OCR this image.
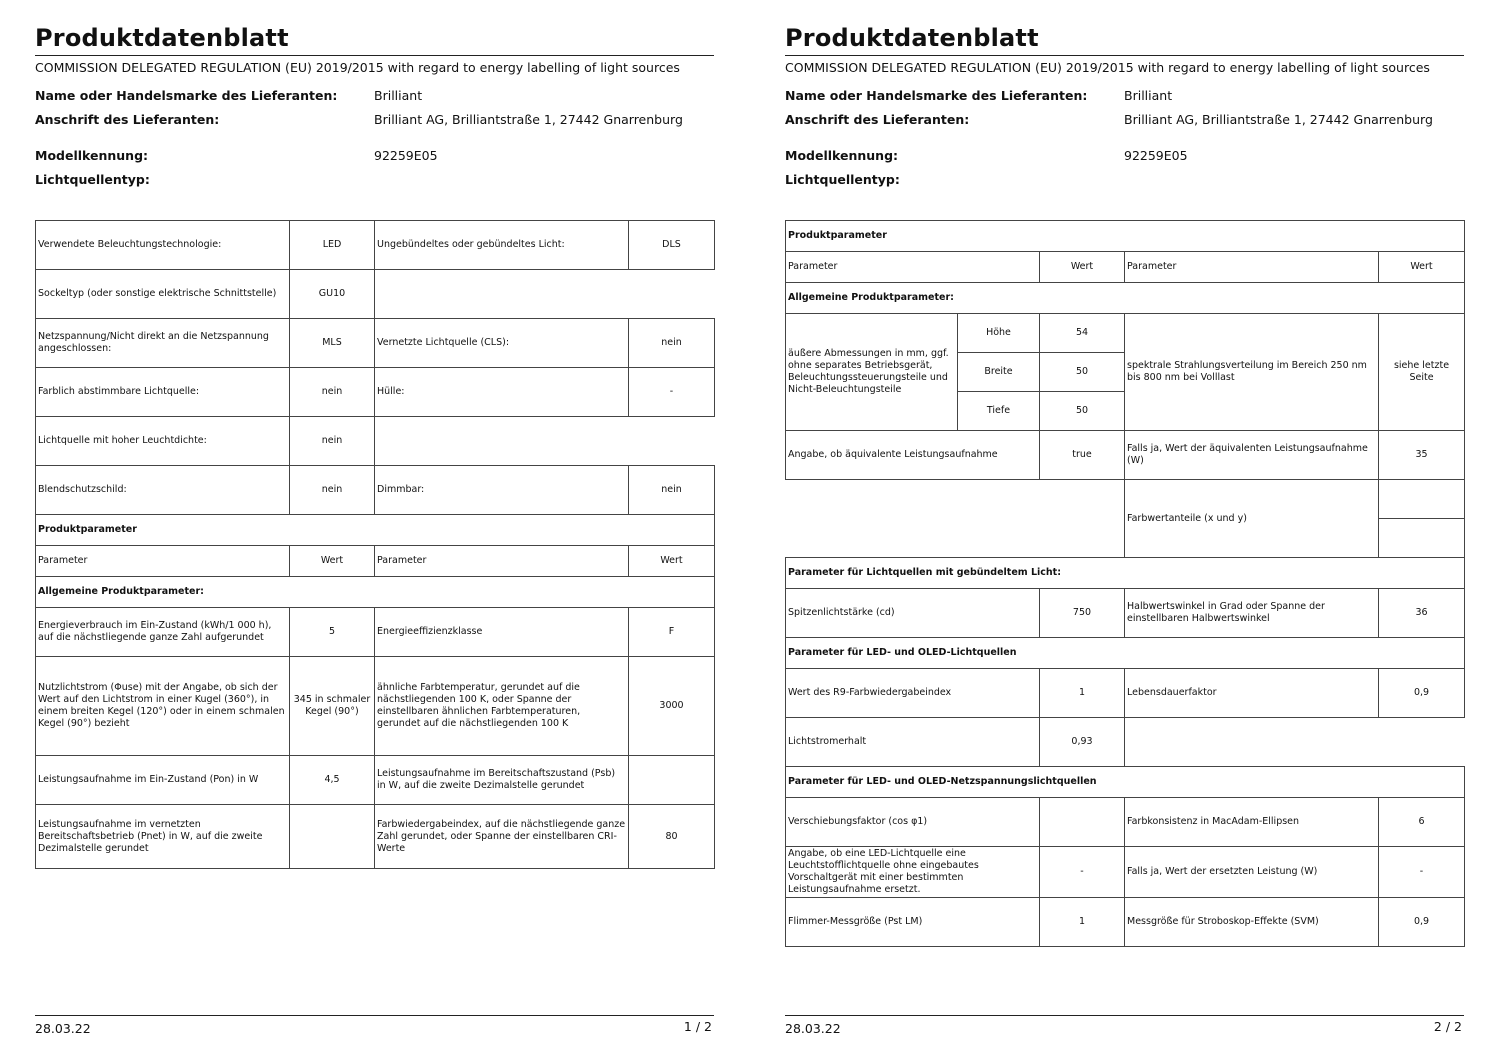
Produktdatenblatt
COMMISSION DELEGATED REGULATION (EU) 2019/2015 with regard to energy labelling of light sources
Name oder Handelsmarke des Lieferanten:	Brilliant
Anschrift des Lieferanten:	Brilliant AG, Brilliantstraße 1, 27442 Gnarrenburg
Modellkennung:	92259E05
Lichtquellentyp:
Verwendete Beleuchtungstechnologie:	LED	Ungebündeltes oder gebündeltes Licht:	DLS
Sockeltyp (oder sonstige elektrische Schnittstelle)	GU10		
Netzspannung/Nicht direkt an die Netzspannung angeschlossen:	MLS	Vernetzte Lichtquelle (CLS):	nein
Farblich abstimmbare Lichtquelle:	nein	Hülle:	-
Lichtquelle mit hoher Leuchtdichte:	nein		
Blendschutzschild:	nein	Dimmbar:	nein
Produktparameter			
Parameter	Wert	Parameter	Wert
Allgemeine Produktparameter:			
Energieverbrauch im Ein-Zustand (kWh/1 000 h), auf die nächstliegende ganze Zahl aufgerundet	5	Energieeffizienzklasse	F
Nutzlichtstrom (Φuse) mit der Angabe, ob sich der Wert auf den Lichtstrom in einer Kugel (360°), in einem breiten Kegel (120°) oder in einem schmalen Kegel (90°) bezieht	345 in schmaler Kegel (90°)	ähnliche Farbtemperatur, gerundet auf die nächstliegenden 100 K, oder Spanne der einstellbaren ähnlichen Farbtemperaturen, gerundet auf die nächstliegenden 100 K	3000
Leistungsaufnahme im Ein-Zustand (Pon) in W	4,5	Leistungsaufnahme im Bereitschaftszustand (Psb) in W, auf die zweite Dezimalstelle gerundet	
Leistungsaufnahme im vernetzten Bereitschaftsbetrieb (Pnet) in W, auf die zweite Dezimalstelle gerundet		Farbwiedergabeindex, auf die nächstliegende ganze Zahl gerundet, oder Spanne der einstellbaren CRI-Werte	80
28.03.22	1 / 2
Produktdatenblatt
COMMISSION DELEGATED REGULATION (EU) 2019/2015 with regard to energy labelling of light sources
Name oder Handelsmarke des Lieferanten:	Brilliant
Anschrift des Lieferanten:	Brilliant AG, Brilliantstraße 1, 27442 Gnarrenburg
Modellkennung:	92259E05
Lichtquellentyp:
Produktparameter				
Parameter		Wert	Parameter	Wert
Allgemeine Produktparameter:				
äußere Abmessungen in mm, ggf. ohne separates Betriebsgerät, Beleuchtungssteuerungsteile und Nicht-Beleuchtungsteile	Höhe	54	spektrale Strahlungsverteilung im Bereich 250 nm bis 800 nm bei Volllast	siehe letzte Seite
	Breite	50		
	Tiefe	50		
Angabe, ob äquivalente Leistungsaufnahme		true	Falls ja, Wert der äquivalenten Leistungsaufnahme (W)	35
			Farbwertanteile (x und y)	

Parameter für Lichtquellen mit gebündeltem Licht:				
Spitzenlichtstärke (cd)		750	Halbwertswinkel in Grad oder Spanne der einstellbaren Halbwertswinkel	36
Parameter für LED- und OLED-Lichtquellen				
Wert des R9-Farbwiedergabeindex		1	Lebensdauerfaktor	0,9
Lichtstromerhalt		0,93		
Parameter für LED- und OLED-Netzspannungslichtquellen				
Verschiebungsfaktor (cos φ1)			Farbkonsistenz in MacAdam-Ellipsen	6
Angabe, ob eine LED-Lichtquelle eine Leuchtstofflichtquelle ohne eingebautes Vorschaltgerät mit einer bestimmten Leistungsaufnahme ersetzt.		-	Falls ja, Wert der ersetzten Leistung (W)	-
Flimmer-Messgröße (Pst LM)		1	Messgröße für Stroboskop-Effekte (SVM)	0,9
28.03.22	2 / 2
